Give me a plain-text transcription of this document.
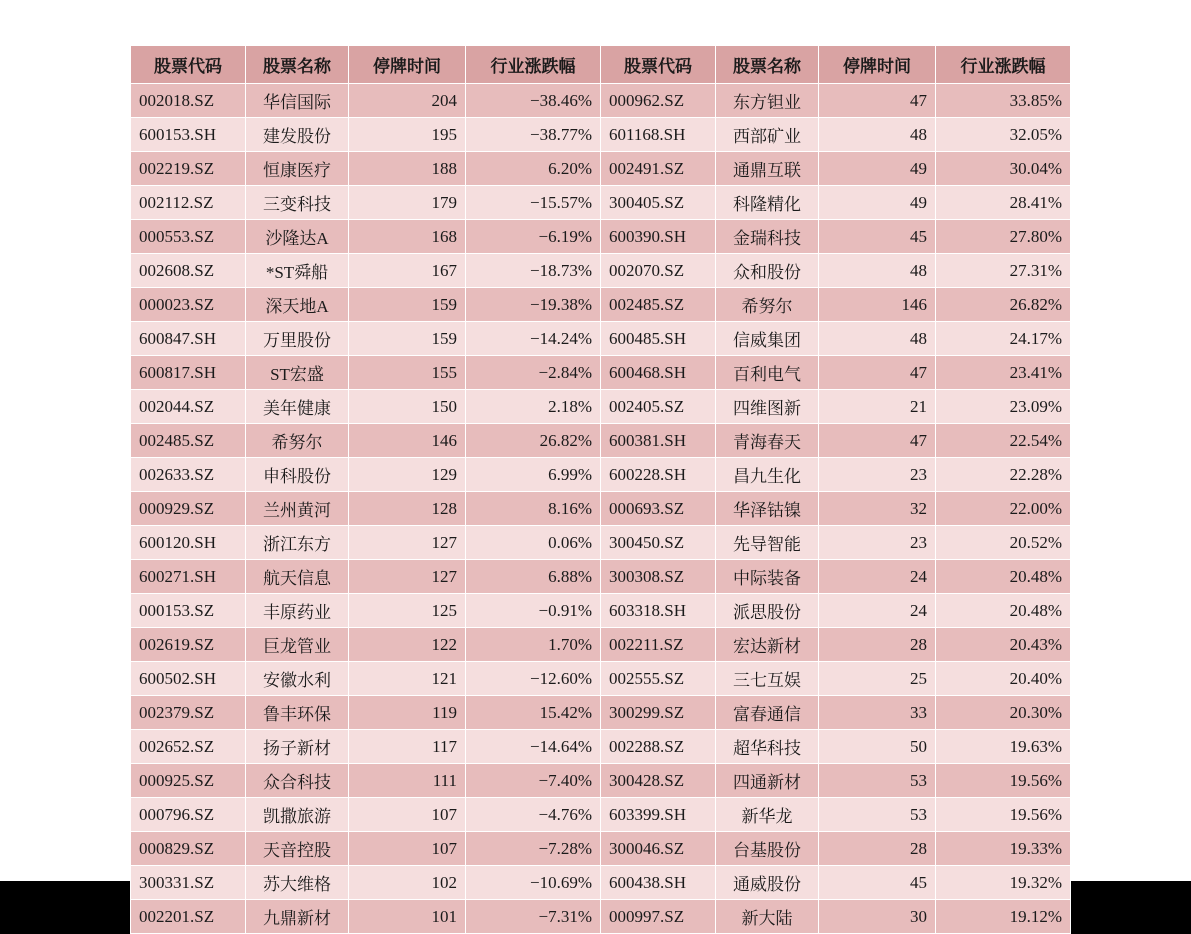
股票代码	股票名称	停牌时间	行业涨跌幅	股票代码	股票名称	停牌时间	行业涨跌幅
002018.SZ	华信国际	204	−38.46%	000962.SZ	东方钽业	47	33.85%
600153.SH	建发股份	195	−38.77%	601168.SH	西部矿业	48	32.05%
002219.SZ	恒康医疗	188	6.20%	002491.SZ	通鼎互联	49	30.04%
002112.SZ	三变科技	179	−15.57%	300405.SZ	科隆精化	49	28.41%
000553.SZ	沙隆达A	168	−6.19%	600390.SH	金瑞科技	45	27.80%
002608.SZ	*ST舜船	167	−18.73%	002070.SZ	众和股份	48	27.31%
000023.SZ	深天地A	159	−19.38%	002485.SZ	希努尔	146	26.82%
600847.SH	万里股份	159	−14.24%	600485.SH	信威集团	48	24.17%
600817.SH	ST宏盛	155	−2.84%	600468.SH	百利电气	47	23.41%
002044.SZ	美年健康	150	2.18%	002405.SZ	四维图新	21	23.09%
002485.SZ	希努尔	146	26.82%	600381.SH	青海春天	47	22.54%
002633.SZ	申科股份	129	6.99%	600228.SH	昌九生化	23	22.28%
000929.SZ	兰州黄河	128	8.16%	000693.SZ	华泽钴镍	32	22.00%
600120.SH	浙江东方	127	0.06%	300450.SZ	先导智能	23	20.52%
600271.SH	航天信息	127	6.88%	300308.SZ	中际装备	24	20.48%
000153.SZ	丰原药业	125	−0.91%	603318.SH	派思股份	24	20.48%
002619.SZ	巨龙管业	122	1.70%	002211.SZ	宏达新材	28	20.43%
600502.SH	安徽水利	121	−12.60%	002555.SZ	三七互娱	25	20.40%
002379.SZ	鲁丰环保	119	15.42%	300299.SZ	富春通信	33	20.30%
002652.SZ	扬子新材	117	−14.64%	002288.SZ	超华科技	50	19.63%
000925.SZ	众合科技	111	−7.40%	300428.SZ	四通新材	53	19.56%
000796.SZ	凯撒旅游	107	−4.76%	603399.SH	新华龙	53	19.56%
000829.SZ	天音控股	107	−7.28%	300046.SZ	台基股份	28	19.33%
300331.SZ	苏大维格	102	−10.69%	600438.SH	通威股份	45	19.32%
002201.SZ	九鼎新材	101	−7.31%	000997.SZ	新大陆	30	19.12%
